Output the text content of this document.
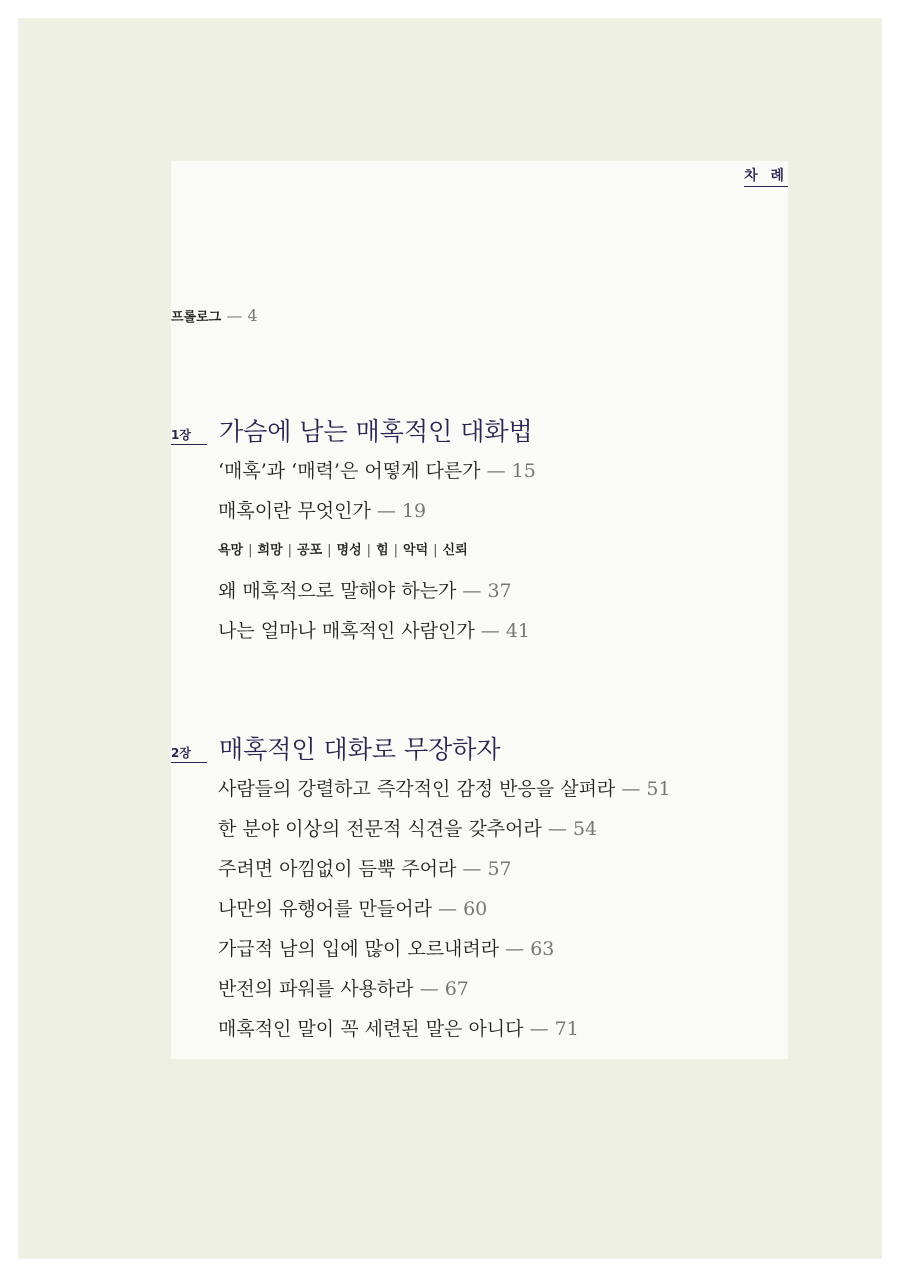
차 례
프롤로그 — 4
1장	가슴에 남는 매혹적인 대화법
‘매혹’과 ‘매력’은 어떻게 다른가 — 15
매혹이란 무엇인가 — 19
욕망 | 희망 | 공포 | 명성 | 힘 | 악덕 | 신뢰
왜 매혹적으로 말해야 하는가 — 37
나는 얼마나 매혹적인 사람인가 — 41
2장	매혹적인 대화로 무장하자
사람들의 강렬하고 즉각적인 감정 반응을 살펴라 — 51
한 분야 이상의 전문적 식견을 갖추어라 — 54
주려면 아낌없이 듬뿍 주어라 — 57
나만의 유행어를 만들어라 — 60
가급적 남의 입에 많이 오르내려라 — 63
반전의 파워를 사용하라 — 67
매혹적인 말이 꼭 세련된 말은 아니다 — 71
